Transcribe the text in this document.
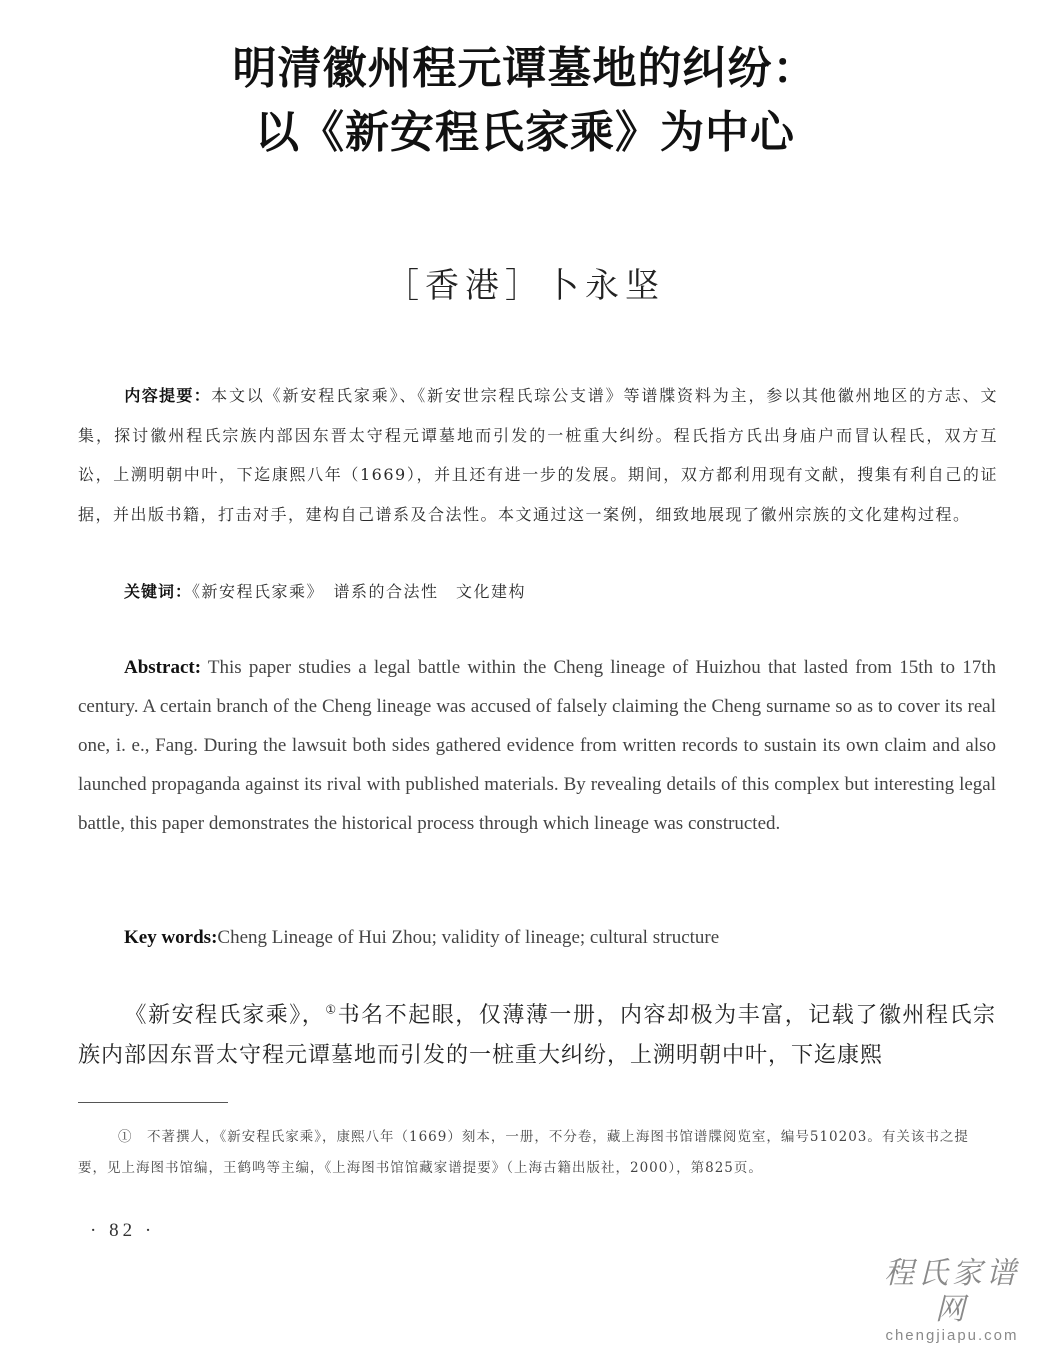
明清徽州程元谭墓地的纠纷：
以《新安程氏家乘》为中心
［香港］卜永坚
内容提要：本文以《新安程氏家乘》、《新安世宗程氏琮公支谱》等谱牒资料为主，参以其他徽州地区的方志、文集，探讨徽州程氏宗族内部因东晋太守程元谭墓地而引发的一桩重大纠纷。程氏指方氏出身庙户而冒认程氏，双方互讼，上溯明朝中叶，下迄康熙八年（1669），并且还有进一步的发展。期间，双方都利用现有文献，搜集有利自己的证据，并出版书籍，打击对手，建构自己谱系及合法性。本文通过这一案例，细致地展现了徽州宗族的文化建构过程。
关键词：《新安程氏家乘》　谱系的合法性　文化建构
Abstract: This paper studies a legal battle within the Cheng lineage of Huizhou that lasted from 15th to 17th century. A certain branch of the Cheng lineage was accused of falsely claiming the Cheng surname so as to cover its real one, i. e., Fang. During the lawsuit both sides gathered evidence from written records to sustain its own claim and also launched propaganda against its rival with published materials. By revealing details of this complex but interesting legal battle, this paper demonstrates the historical process through which lineage was constructed.
Key words:Cheng Lineage of Hui Zhou; validity of lineage; cultural structure
《新安程氏家乘》，①书名不起眼，仅薄薄一册，内容却极为丰富，记载了徽州程氏宗族内部因东晋太守程元谭墓地而引发的一桩重大纠纷，上溯明朝中叶，下迄康熙
①　 不著撰人，《新安程氏家乘》，康熙八年（1669）刻本，一册，不分卷，藏上海图书馆谱牒阅览室，编号510203。有关该书之提要，见上海图书馆编，王鹤鸣等主编，《上海图书馆馆藏家谱提要》（上海古籍出版社，2000），第825页。
· 82 ·
程氏家谱网
chengjiapu.com
